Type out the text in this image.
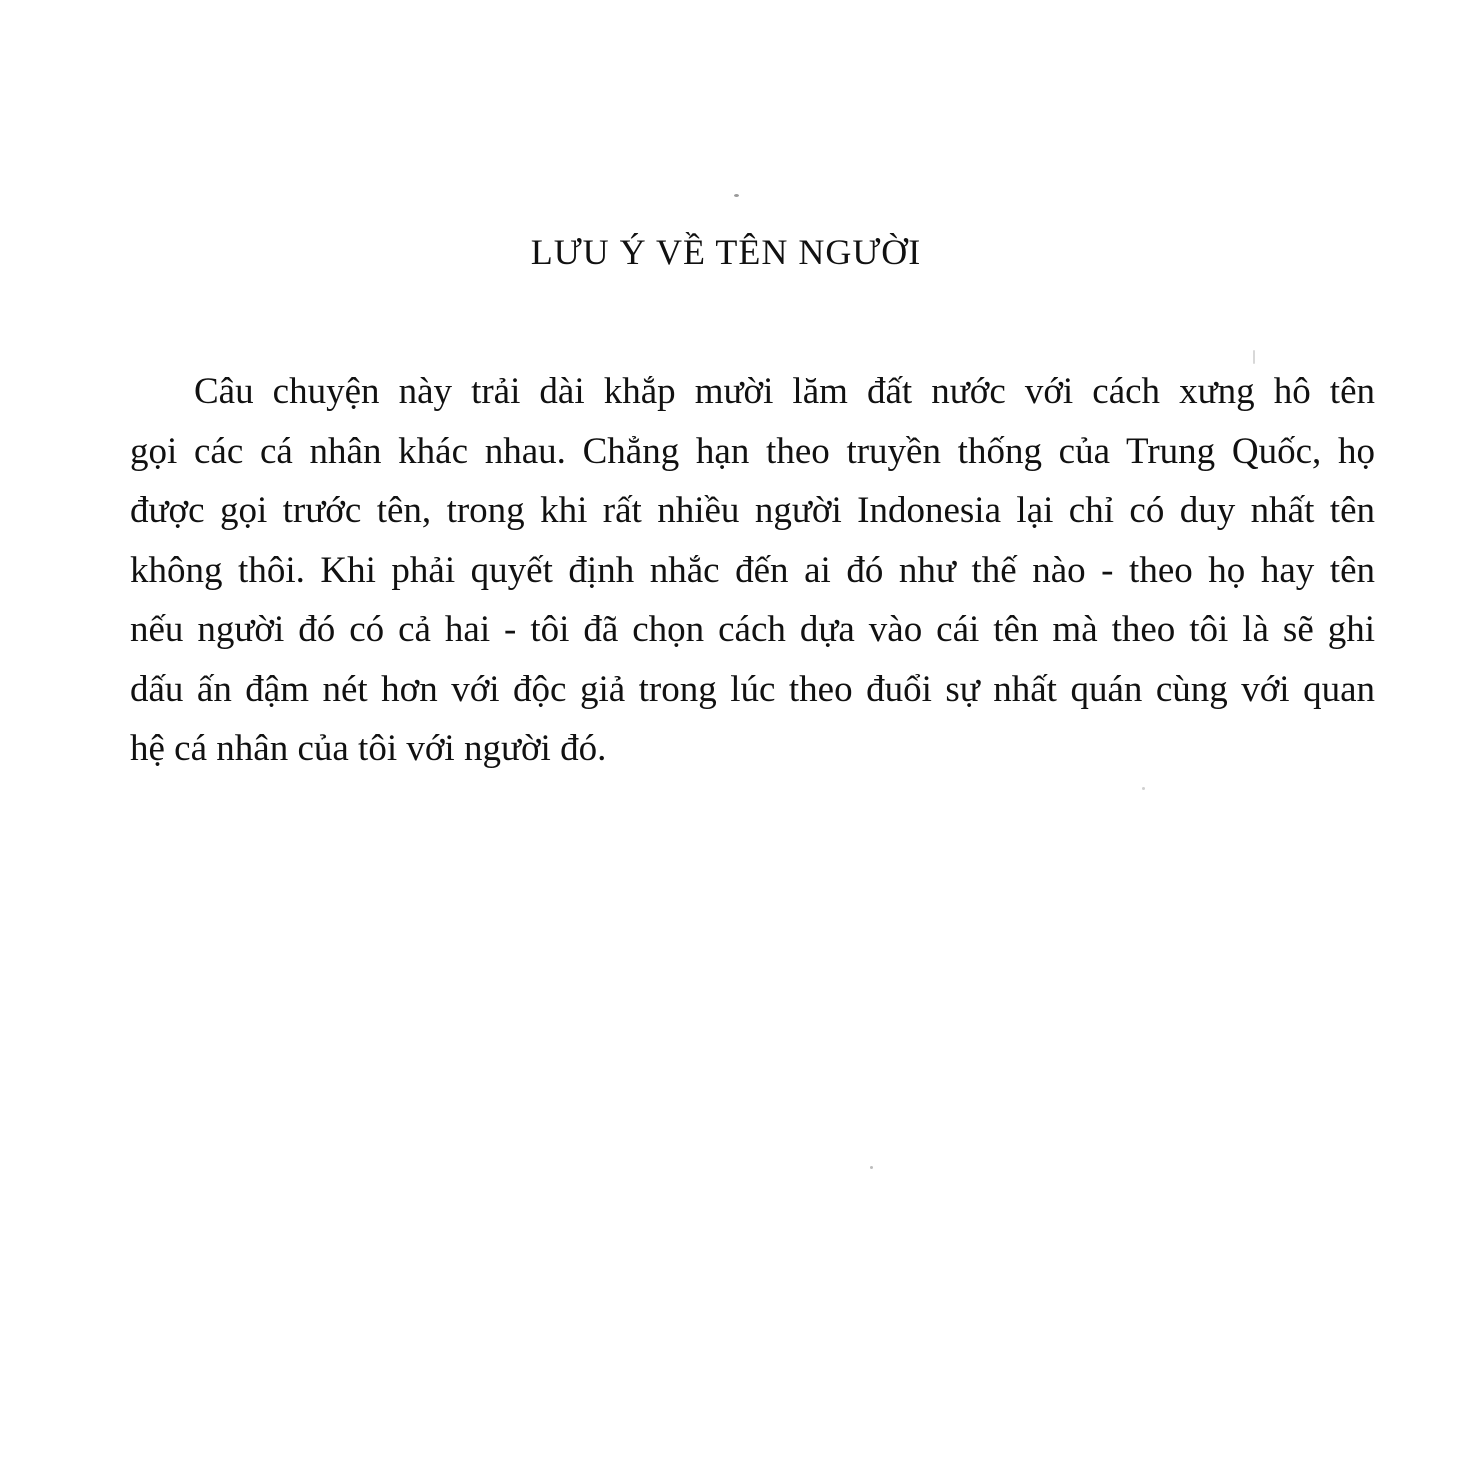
LƯU Ý VỀ TÊN NGƯỜI

Câu chuyện này trải dài khắp mười lăm đất nước với cách xưng hô tên
gọi các cá nhân khác nhau. Chẳng hạn theo truyền thống của Trung Quốc, họ
được gọi trước tên, trong khi rất nhiều người Indonesia lại chỉ có duy nhất tên
không thôi. Khi phải quyết định nhắc đến ai đó như thế nào - theo họ hay tên
nếu người đó có cả hai - tôi đã chọn cách dựa vào cái tên mà theo tôi là sẽ ghi
dấu ấn đậm nét hơn với độc giả trong lúc theo đuổi sự nhất quán cùng với quan
hệ cá nhân của tôi với người đó.
